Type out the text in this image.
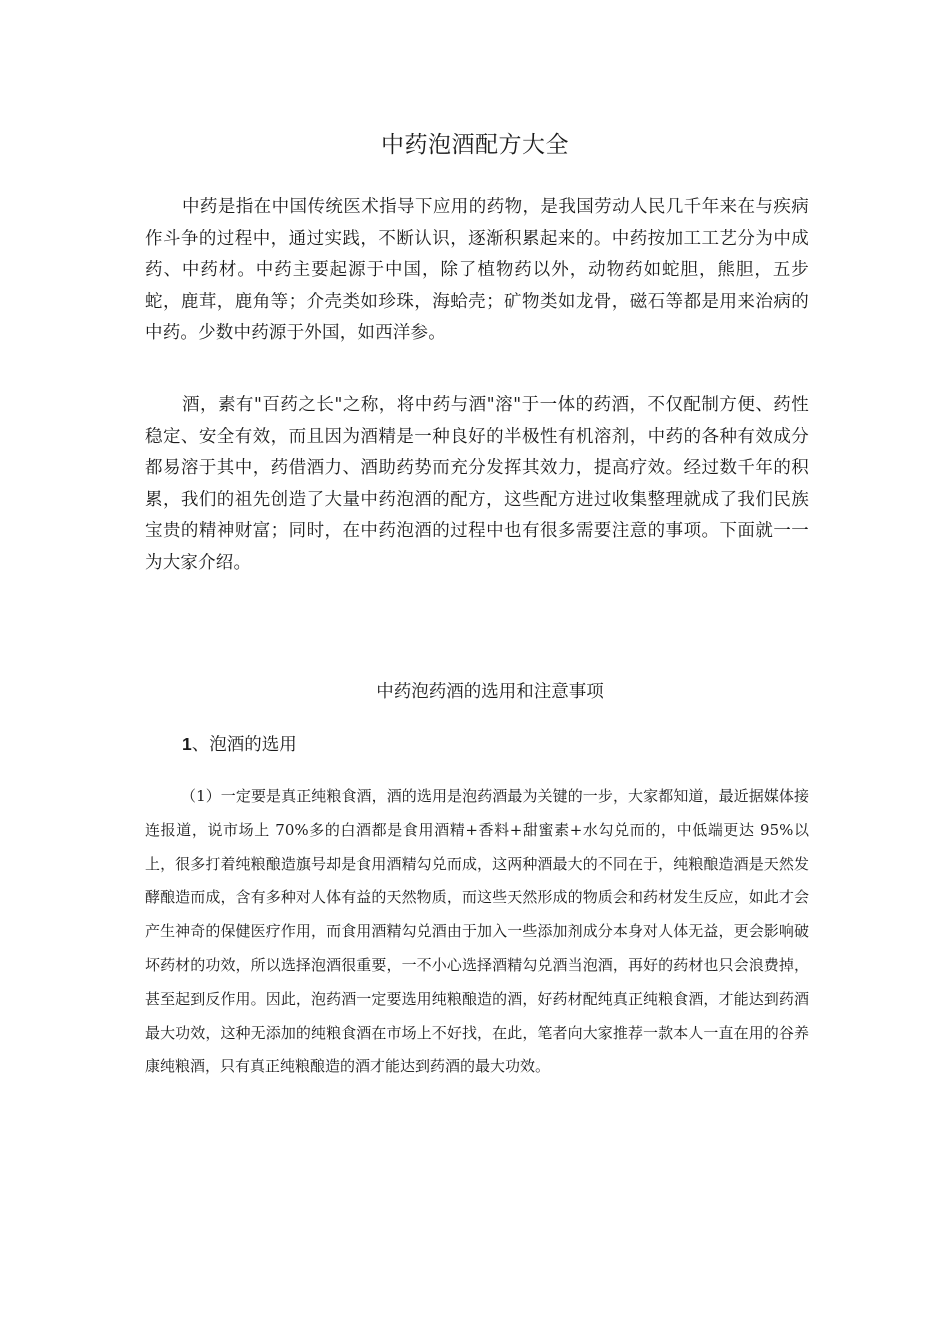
中药泡酒配方大全

中药是指在中国传统医术指导下应用的药物，是我国劳动人民几千年来在与疾病作斗争的过程中，通过实践，不断认识，逐渐积累起来的。中药按加工工艺分为中成药、中药材。中药主要起源于中国，除了植物药以外，动物药如蛇胆，熊胆，五步蛇，鹿茸，鹿角等；介壳类如珍珠，海蛤壳；矿物类如龙骨，磁石等都是用来治病的中药。少数中药源于外国，如西洋参。

酒，素有"百药之长"之称，将中药与酒"溶"于一体的药酒，不仅配制方便、药性稳定、安全有效，而且因为酒精是一种良好的半极性有机溶剂，中药的各种有效成分都易溶于其中，药借酒力、酒助药势而充分发挥其效力，提高疗效。经过数千年的积累，我们的祖先创造了大量中药泡酒的配方，这些配方进过收集整理就成了我们民族宝贵的精神财富；同时，在中药泡酒的过程中也有很多需要注意的事项。下面就一一为大家介绍。

中药泡药酒的选用和注意事项
1、泡酒的选用

（1）一定要是真正纯粮食酒，酒的选用是泡药酒最为关键的一步，大家都知道，最近据媒体接连报道，说市场上 70%多的白酒都是食用酒精+香料+甜蜜素+水勾兑而的，中低端更达 95%以上，很多打着纯粮酿造旗号却是食用酒精勾兑而成，这两种酒最大的不同在于，纯粮酿造酒是天然发酵酿造而成，含有多种对人体有益的天然物质，而这些天然形成的物质会和药材发生反应，如此才会产生神奇的保健医疗作用，而食用酒精勾兑酒由于加入一些添加剂成分本身对人体无益，更会影响破坏药材的功效，所以选择泡酒很重要，一不小心选择酒精勾兑酒当泡酒，再好的药材也只会浪费掉，甚至起到反作用。因此，泡药酒一定要选用纯粮酿造的酒，好药材配纯真正纯粮食酒，才能达到药酒最大功效，这种无添加的纯粮食酒在市场上不好找，在此，笔者向大家推荐一款本人一直在用的谷养康纯粮酒，只有真正纯粮酿造的酒才能达到药酒的最大功效。
